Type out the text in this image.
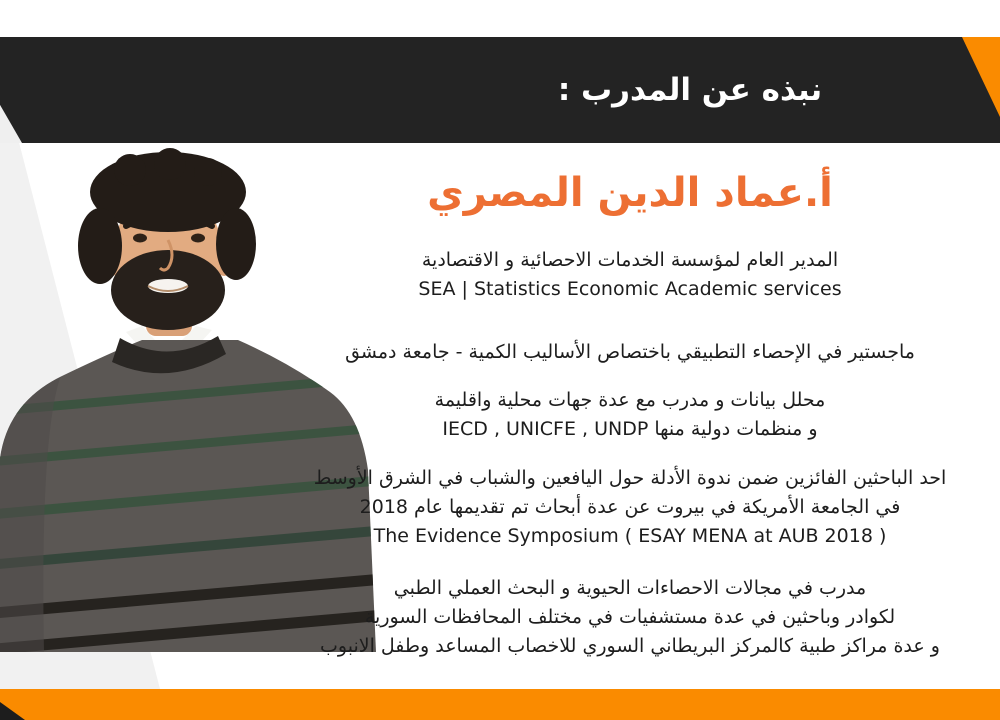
نبذه عن المدرب :
أ.عماد الدين المصري
المدير العام لمؤسسة الخدمات الاحصائية و الاقتصادية
SEA | Statistics Economic Academic services
ماجستير في الإحصاء التطبيقي باختصاص الأساليب الكمية - جامعة دمشق
محلل بيانات و مدرب مع عدة جهات محلية واقليمة
و منظمات دولية منها IECD , UNICFE , UNDP
احد الباحثين الفائزين ضمن ندوة الأدلة حول اليافعين والشباب في الشرق الأوسط
في الجامعة الأمريكة في بيروت عن عدة أبحاث تم تقديمها عام 2018
The Evidence Symposium ( ESAY MENA at AUB 2018 )
مدرب في مجالات الاحصاءات الحيوية و البحث العملي الطبي
لكوادر وباحثين في عدة مستشفيات في مختلف المحافظات السورية
و عدة مراكز طبية كالمركز البريطاني السوري للاخصاب المساعد وطفل الانبوب
